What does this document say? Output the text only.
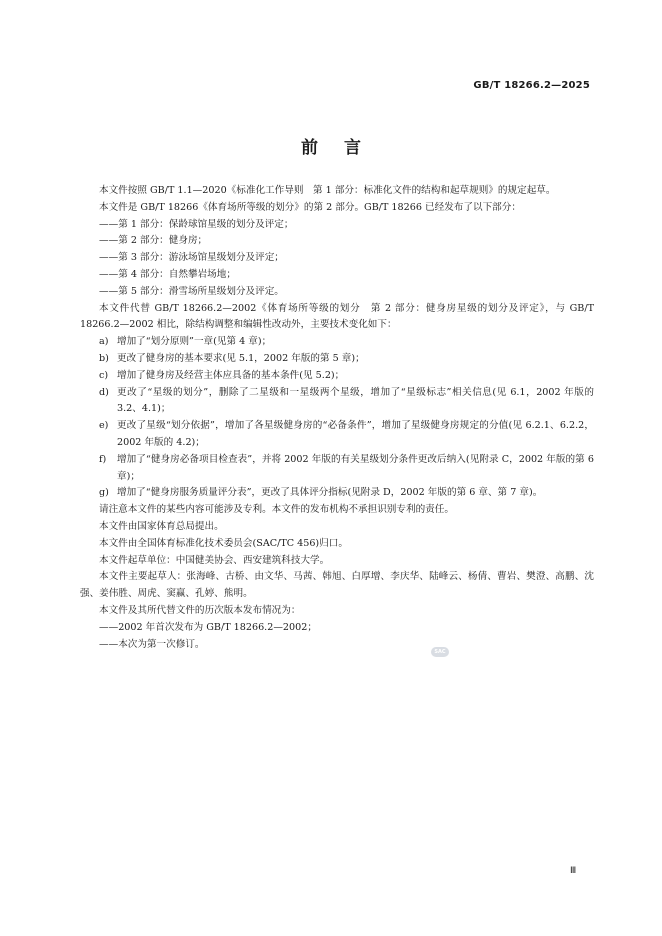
GB/T 18266.2—2025
前言

本文件按照 GB/T 1.1—2020《标准化工作导则　第 1 部分：标准化文件的结构和起草规则》的规定起草。

本文件是 GB/T 18266《体育场所等级的划分》的第 2 部分。GB/T 18266 已经发布了以下部分：

——第 1 部分：保龄球馆星级的划分及评定；

——第 2 部分：健身房；

——第 3 部分：游泳场馆星级划分及评定；

——第 4 部分：自然攀岩场地；

——第 5 部分：滑雪场所星级划分及评定。

本文件代替 GB/T 18266.2—2002《体育场所等级的划分　第 2 部分：健身房星级的划分及评定》，与 GB/T 18266.2—2002 相比，除结构调整和编辑性改动外，主要技术变化如下：

a) 增加了“划分原则”一章(见第 4 章)；

b) 更改了健身房的基本要求(见 5.1，2002 年版的第 5 章)；

c) 增加了健身房及经营主体应具备的基本条件(见 5.2)；

d) 更改了“星级的划分”，删除了二星级和一星级两个星级，增加了“星级标志”相关信息(见 6.1，2002 年版的 3.2、4.1)；

e) 更改了星级“划分依据”，增加了各星级健身房的“必备条件”，增加了星级健身房规定的分值(见 6.2.1、6.2.2，2002 年版的 4.2)；

f) 增加了“健身房必备项目检查表”，并将 2002 年版的有关星级划分条件更改后纳入(见附录 C，2002 年版的第 6 章)；

g) 增加了“健身房服务质量评分表”，更改了具体评分指标(见附录 D，2002 年版的第 6 章、第 7 章)。

请注意本文件的某些内容可能涉及专利。本文件的发布机构不承担识别专利的责任。

本文件由国家体育总局提出。

本文件由全国体育标准化技术委员会(SAC/TC 456)归口。

本文件起草单位：中国健美协会、西安建筑科技大学。

本文件主要起草人：张海峰、古桥、由文华、马茜、韩旭、白厚增、李庆华、陆峰云、杨倩、曹岩、樊澄、高鹏、沈强、姜伟胜、周虎、窦赢、孔婷、熊明。

本文件及其所代替文件的历次版本发布情况为：

——2002 年首次发布为 GB/T 18266.2—2002；

——本次为第一次修订。

SAC
Ⅲ
